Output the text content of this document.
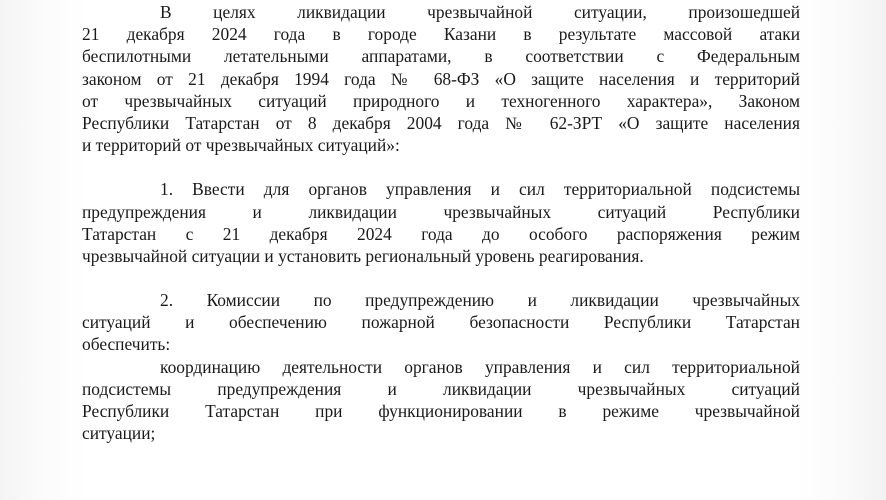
В целях ликвидации чрезвычайной ситуации, произошедшей
21 декабря 2024 года в городе Казани в результате массовой атаки
беспилотными летательными аппаратами, в соответствии с Федеральным
законом от 21 декабря 1994 года № 68-ФЗ «О защите населения и территорий
от чрезвычайных ситуаций природного и техногенного характера», Законом
Республики Татарстан от 8 декабря 2004 года № 62-ЗРТ «О защите населения
и территорий от чрезвычайных ситуаций»:
1. Ввести для органов управления и сил территориальной подсистемы
предупреждения и ликвидации чрезвычайных ситуаций Республики
Татарстан с 21 декабря 2024 года до особого распоряжения режим
чрезвычайной ситуации и установить региональный уровень реагирования.
2. Комиссии по предупреждению и ликвидации чрезвычайных
ситуаций и обеспечению пожарной безопасности Республики Татарстан
обеспечить:
координацию деятельности органов управления и сил территориальной
подсистемы предупреждения и ликвидации чрезвычайных ситуаций
Республики Татарстан при функционировании в режиме чрезвычайной
ситуации;
